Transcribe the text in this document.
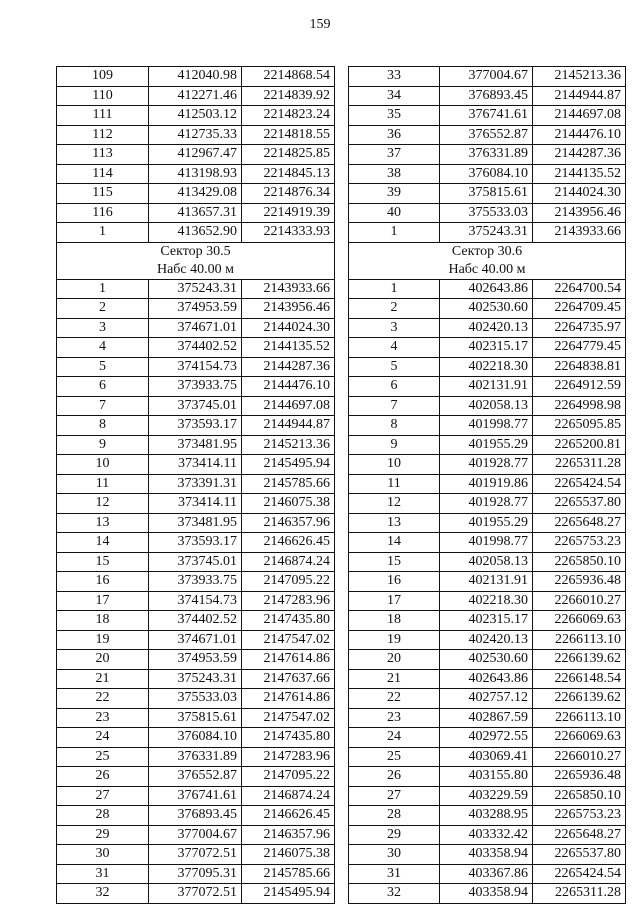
159
109	412040.98	2214868.54
110	412271.46	2214839.92
111	412503.12	2214823.24
112	412735.33	2214818.55
113	412967.47	2214825.85
114	413198.93	2214845.13
115	413429.08	2214876.34
116	413657.31	2214919.39
1	413652.90	2214333.93

Сектор 30.5
Набс 40.00 м		

1	375243.31	2143933.66
2	374953.59	2143956.46
3	374671.01	2144024.30
4	374402.52	2144135.52
5	374154.73	2144287.36
6	373933.75	2144476.10
7	373745.01	2144697.08
8	373593.17	2144944.87
9	373481.95	2145213.36
10	373414.11	2145495.94
11	373391.31	2145785.66
12	373414.11	2146075.38
13	373481.95	2146357.96
14	373593.17	2146626.45
15	373745.01	2146874.24
16	373933.75	2147095.22
17	374154.73	2147283.96
18	374402.52	2147435.80
19	374671.01	2147547.02
20	374953.59	2147614.86
21	375243.31	2147637.66
22	375533.03	2147614.86
23	375815.61	2147547.02
24	376084.10	2147435.80
25	376331.89	2147283.96
26	376552.87	2147095.22
27	376741.61	2146874.24
28	376893.45	2146626.45
29	377004.67	2146357.96
30	377072.51	2146075.38
31	377095.31	2145785.66
32	377072.51	2145495.94
33	377004.67	2145213.36
34	376893.45	2144944.87
35	376741.61	2144697.08
36	376552.87	2144476.10
37	376331.89	2144287.36
38	376084.10	2144135.52
39	375815.61	2144024.30
40	375533.03	2143956.46
1	375243.31	2143933.66

Сектор 30.6
Набс 40.00 м		

1	402643.86	2264700.54
2	402530.60	2264709.45
3	402420.13	2264735.97
4	402315.17	2264779.45
5	402218.30	2264838.81
6	402131.91	2264912.59
7	402058.13	2264998.98
8	401998.77	2265095.85
9	401955.29	2265200.81
10	401928.77	2265311.28
11	401919.86	2265424.54
12	401928.77	2265537.80
13	401955.29	2265648.27
14	401998.77	2265753.23
15	402058.13	2265850.10
16	402131.91	2265936.48
17	402218.30	2266010.27
18	402315.17	2266069.63
19	402420.13	2266113.10
20	402530.60	2266139.62
21	402643.86	2266148.54
22	402757.12	2266139.62
23	402867.59	2266113.10
24	402972.55	2266069.63
25	403069.41	2266010.27
26	403155.80	2265936.48
27	403229.59	2265850.10
28	403288.95	2265753.23
29	403332.42	2265648.27
30	403358.94	2265537.80
31	403367.86	2265424.54
32	403358.94	2265311.28
